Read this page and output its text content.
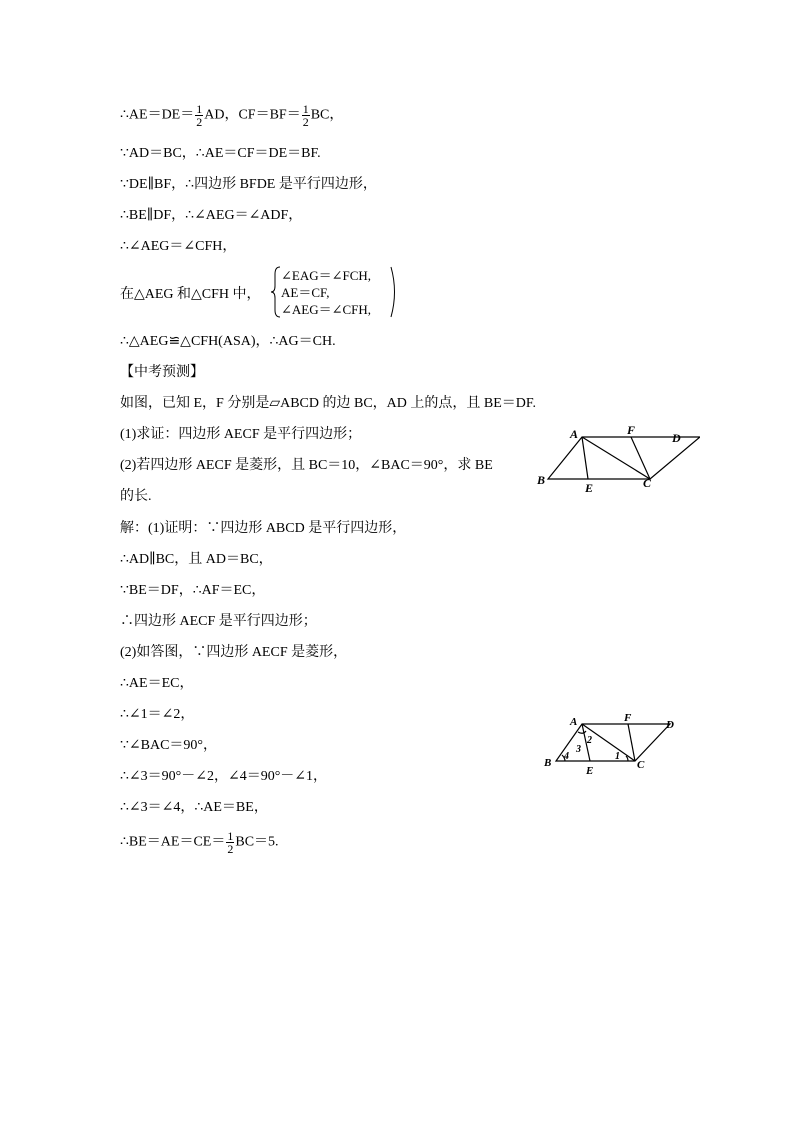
∴AE＝DE＝ $\frac{1}{2}$ AD，$CF=BF= \frac{1}{2}$ BC，
∵AD＝BC，∴AE＝CF＝DE＝BF.
∵DE∥BF，∴四边形 BFDE 是平行四边形，
∴BE∥DF，∴∠AEG＝∠ADF，
∴∠AEG＝∠CFH，
在△AEG 和△CFH 中，
∠EAG＝∠FCH,
AE＝CF,
∠AEG＝∠CFH,
∴△AEG≌△CFH(ASA)，∴AG＝CH.
【中考预测】
如图，已知 E，F 分别是▱ABCD 的边 BC，AD 上的点，且 BE＝DF.
(1)求证：四边形 AECF 是平行四边形；
(2)若四边形 AECF 是菱形，且 BC＝10，∠BAC＝90°，求 BE
的长.
解：(1)证明：∵四边形 ABCD 是平行四边形，
∴AD∥BC，且 AD＝BC，
∵BE＝DF，∴AF＝EC，
∴四边形 AECF 是平行四边形；
(2)如答图，∵四边形 AECF 是菱形，
∴AE＝EC，
∴∠1＝∠2，
∵∠BAC＝90°，
∴∠3＝90°－∠2，∠4＝90°－∠1，
∴∠3＝∠4，∴AE＝BE，
∴BE＝AE＝CE＝ $\frac{1}{2} BC=5$.
A	F
D
B
E	C
A	F
D
B
E	C
1
2
3
4
